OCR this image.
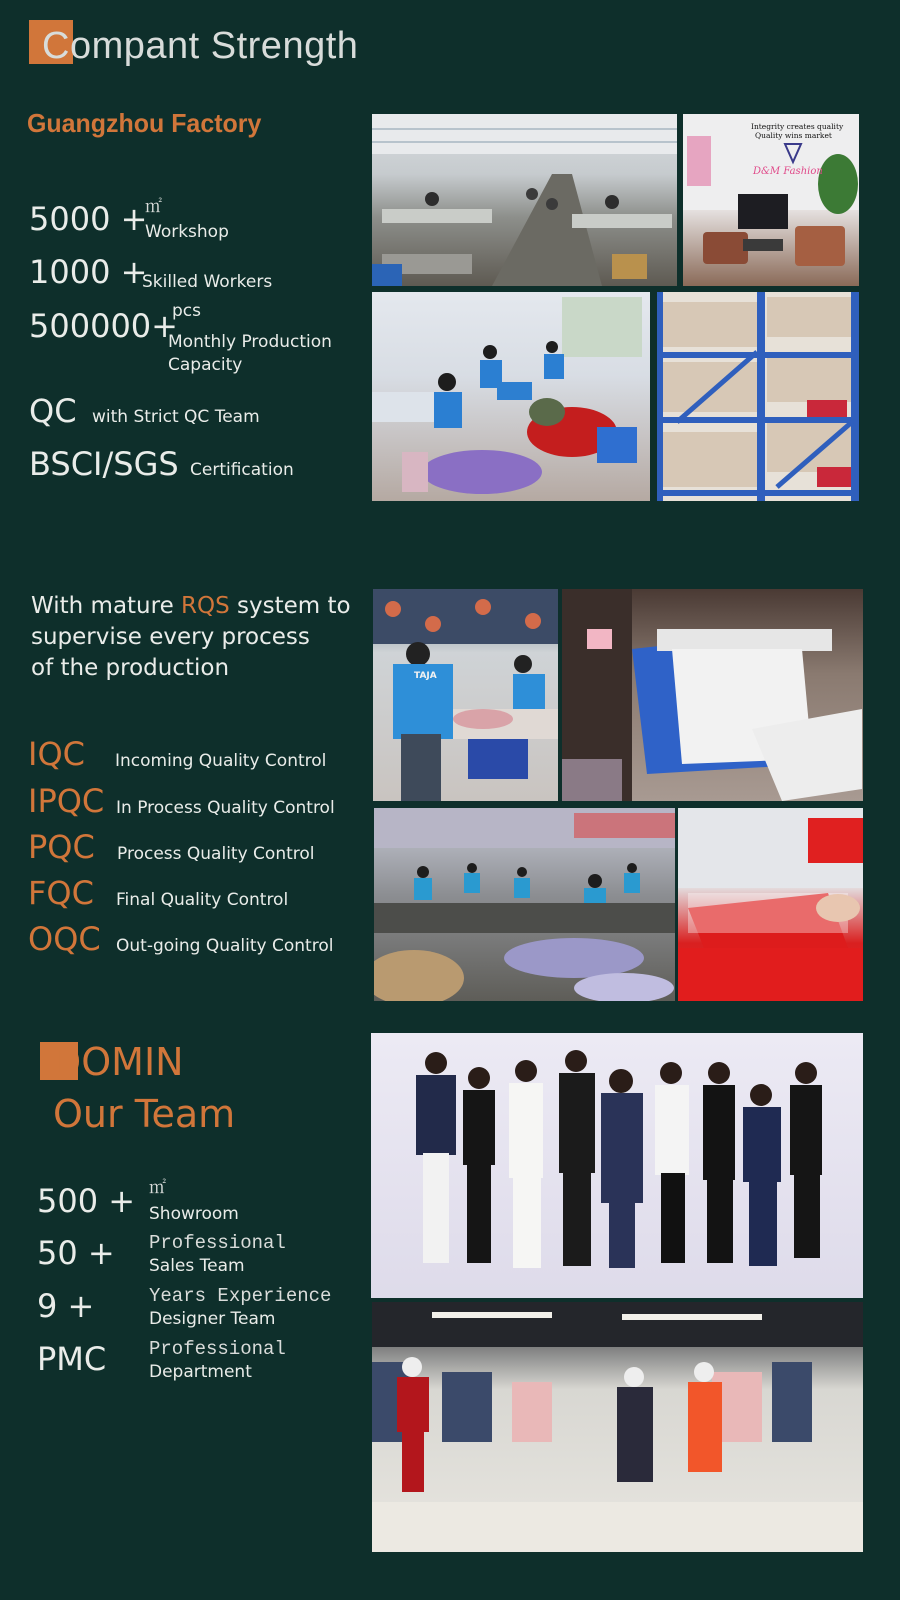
Compant Strength
Guangzhou Factory
5000 +
㎡
Workshop
1000 +
Skilled Workers
500000+
pcs
Monthly Production
Capacity
QC with Strict QC Team
BSCI/SGS Certification
Integrity creates quality
Quality wins market
D&M Fashion
With mature RQS system to
supervise every process
of the production
IQC Incoming Quality Control
IPQC In Process Quality Control
PQC Process Quality Control
FQC Final Quality Control
OQC Out-going Quality Control
TAJA
DOMIN
Our Team
500 + ㎡
Showroom
50 + Professional
Sales Team
9 +	Years Experience
Designer Team
PMC Professional
Department
